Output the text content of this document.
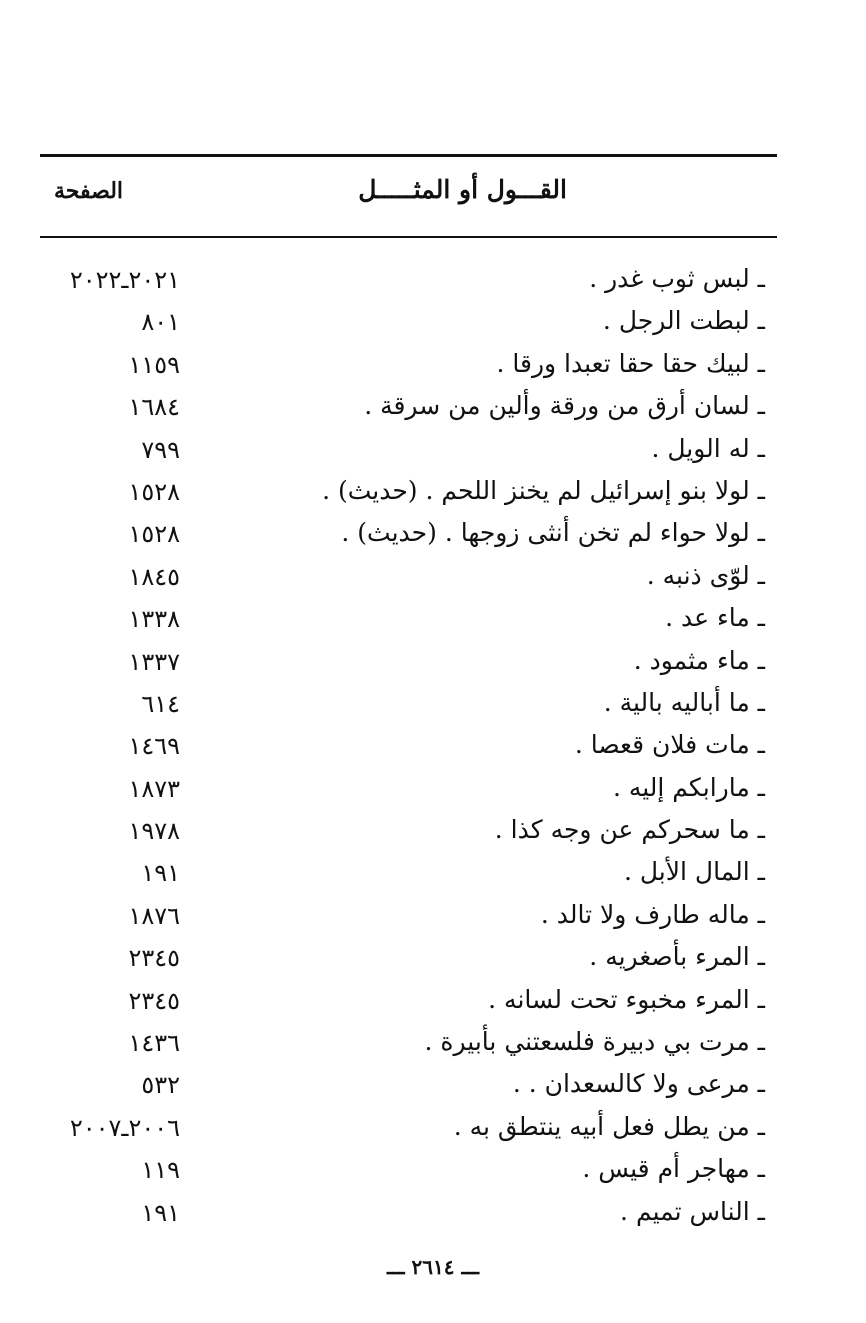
القـــول أو المثـــــل
الصفحة
ـ لبس ثوب غدر .
٢٠٢١ـ٢٠٢٢
ـ لبطت الرجل .
٨٠١
ـ لبيك حقا حقا تعبدا ورقا .
١١٥٩
ـ لسان أرق من ورقة وألين من سرقة .
١٦٨٤
ـ له الويل .
٧٩٩
ـ لولا بنو إسرائيل لم يخنز اللحم . (حديث) .
١٥٢٨
ـ لولا حواء لم تخن أنثى زوجها . (حديث) .
١٥٢٨
ـ لوّى ذنبه .
١٨٤٥
ـ ماء عد .
١٣٣٨
ـ ماء مثمود .
١٣٣٧
ـ ما أباليه بالية .
٦١٤
ـ مات فلان قعصا .
١٤٦٩
ـ مارابكم إليه .
١٨٧٣
ـ ما سحركم عن وجه كذا .
١٩٧٨
ـ المال الأبل .
١٩١
ـ ماله طارف ولا تالد .
١٨٧٦
ـ المرء بأصغريه .
٢٣٤٥
ـ المرء مخبوء تحت لسانه .
٢٣٤٥
ـ مرت بي دبيرة فلسعتني بأبيرة .
١٤٣٦
ـ مرعى ولا كالسعدان . .
٥٣٢
ـ من يطل فعل أبيه ينتطق به .
٢٠٠٦ـ٢٠٠٧
ـ مهاجر أم قيس .
١١٩
ـ الناس تميم .
١٩١
ـــ ٢٦١٤ ـــ
